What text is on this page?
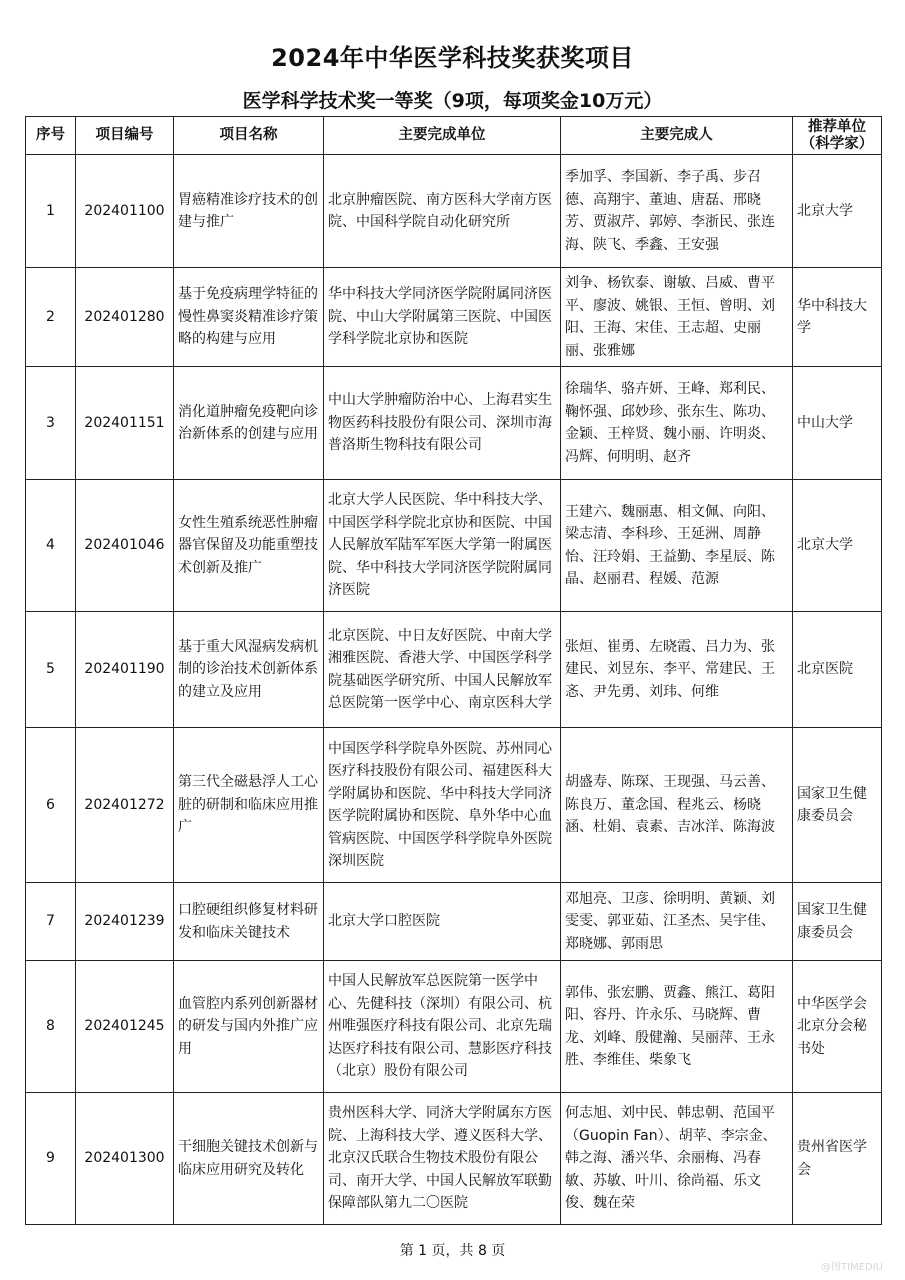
2024年中华医学科技奖获奖项目
医学科学技术奖一等奖（9项，每项奖金10万元）
序号	项目编号	项目名称	主要完成单位	主要完成人	推荐单位（科学家）
1	202401100	胃癌精准诊疗技术的创建与推广	北京肿瘤医院、南方医科大学南方医院、中国科学院自动化研究所	季加孚、李国新、李子禹、步召德、高翔宇、董迪、唐磊、邢晓芳、贾淑芹、郭婷、李浙民、张连海、陕飞、季鑫、王安强	北京大学
2	202401280	基于免疫病理学特征的慢性鼻窦炎精准诊疗策略的构建与应用	华中科技大学同济医学院附属同济医院、中山大学附属第三医院、中国医学科学院北京协和医院	刘争、杨钦泰、谢敏、吕威、曹平平、廖波、姚银、王恒、曾明、刘阳、王海、宋佳、王志超、史丽丽、张雅娜	华中科技大学
3	202401151	消化道肿瘤免疫靶向诊治新体系的创建与应用	中山大学肿瘤防治中心、上海君实生物医药科技股份有限公司、深圳市海普洛斯生物科技有限公司	徐瑞华、骆卉妍、王峰、郑利民、鞠怀强、邱妙珍、张东生、陈功、金颖、王梓贤、魏小丽、许明炎、冯辉、何明明、赵齐	中山大学
4	202401046	女性生殖系统恶性肿瘤器官保留及功能重塑技术创新及推广	北京大学人民医院、华中科技大学、中国医学科学院北京协和医院、中国人民解放军陆军军医大学第一附属医院、华中科技大学同济医学院附属同济医院	王建六、魏丽惠、相文佩、向阳、梁志清、李科珍、王延洲、周静怡、汪玲娟、王益勤、李星辰、陈晶、赵丽君、程媛、范源	北京大学
5	202401190	基于重大风湿病发病机制的诊治技术创新体系的建立及应用	北京医院、中日友好医院、中南大学湘雅医院、香港大学、中国医学科学院基础医学研究所、中国人民解放军总医院第一医学中心、南京医科大学	张烜、崔勇、左晓霞、吕力为、张建民、刘昱东、李平、常建民、王忞、尹先勇、刘玮、何维	北京医院
6	202401272	第三代全磁悬浮人工心脏的研制和临床应用推广	中国医学科学院阜外医院、苏州同心医疗科技股份有限公司、福建医科大学附属协和医院、华中科技大学同济医学院附属协和医院、阜外华中心血管病医院、中国医学科学院阜外医院深圳医院	胡盛寿、陈琛、王现强、马云善、陈良万、董念国、程兆云、杨晓涵、杜娟、袁素、吉冰洋、陈海波	国家卫生健康委员会
7	202401239	口腔硬组织修复材料研发和临床关键技术	北京大学口腔医院	邓旭亮、卫彦、徐明明、黄颖、刘雯雯、郭亚茹、江圣杰、吴宇佳、郑晓娜、郭雨思	国家卫生健康委员会
8	202401245	血管腔内系列创新器材的研发与国内外推广应用	中国人民解放军总医院第一医学中心、先健科技（深圳）有限公司、杭州唯强医疗科技有限公司、北京先瑞达医疗科技有限公司、慧影医疗科技（北京）股份有限公司	郭伟、张宏鹏、贾鑫、熊江、葛阳阳、容丹、许永乐、马晓辉、曹龙、刘峰、殷健瀚、吴丽萍、王永胜、李维佳、柴象飞	中华医学会北京分会秘书处
9	202401300	干细胞关键技术创新与临床应用研究及转化	贵州医科大学、同济大学附属东方医院、上海科技大学、遵义医科大学、北京汉氏联合生物技术股份有限公司、南开大学、中国人民解放军联勤保障部队第九二〇医院	何志旭、刘中民、韩忠朝、范国平（Guopin Fan）、胡苹、李宗金、韩之海、潘兴华、余丽梅、冯春敏、苏敏、叶川、徐尚福、乐文俊、魏在荣	贵州省医学会
第 1 页，共 8 页
@图TIMEDIU
